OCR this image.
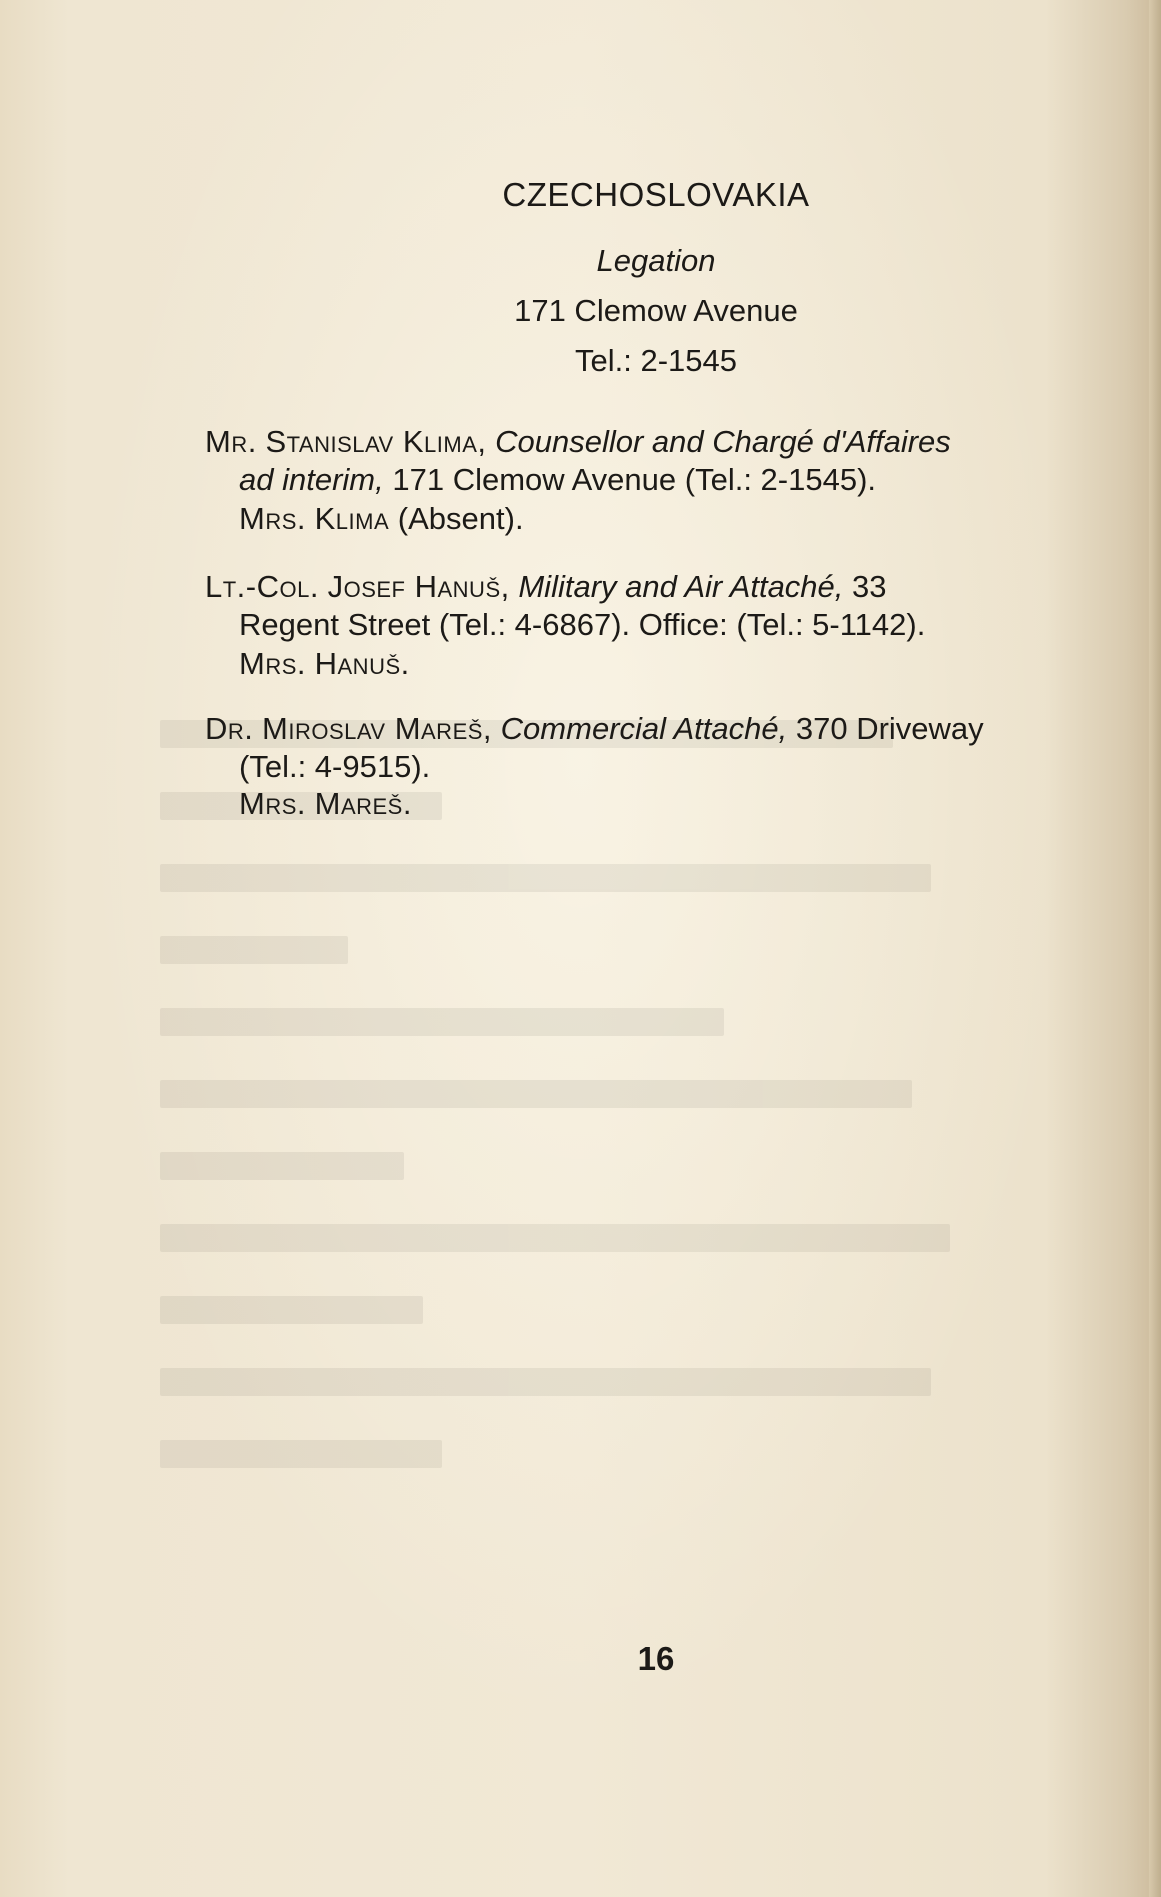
CZECHOSLOVAKIA
Legation
171 Clemow Avenue
Tel.: 2-1545
Mr. Stanislav Klima, Counsellor and Chargé d'Affaires
ad interim, 171 Clemow Avenue (Tel.: 2-1545).
Mrs. Klima (Absent).
Lt.-Col. Josef Hanuš, Military and Air Attaché, 33
Regent Street (Tel.: 4-6867). Office: (Tel.: 5-1142).
Mrs. Hanuš.
Dr. Miroslav Mareš, Commercial Attaché, 370 Driveway
(Tel.: 4-9515).
Mrs. Mareš.
16
